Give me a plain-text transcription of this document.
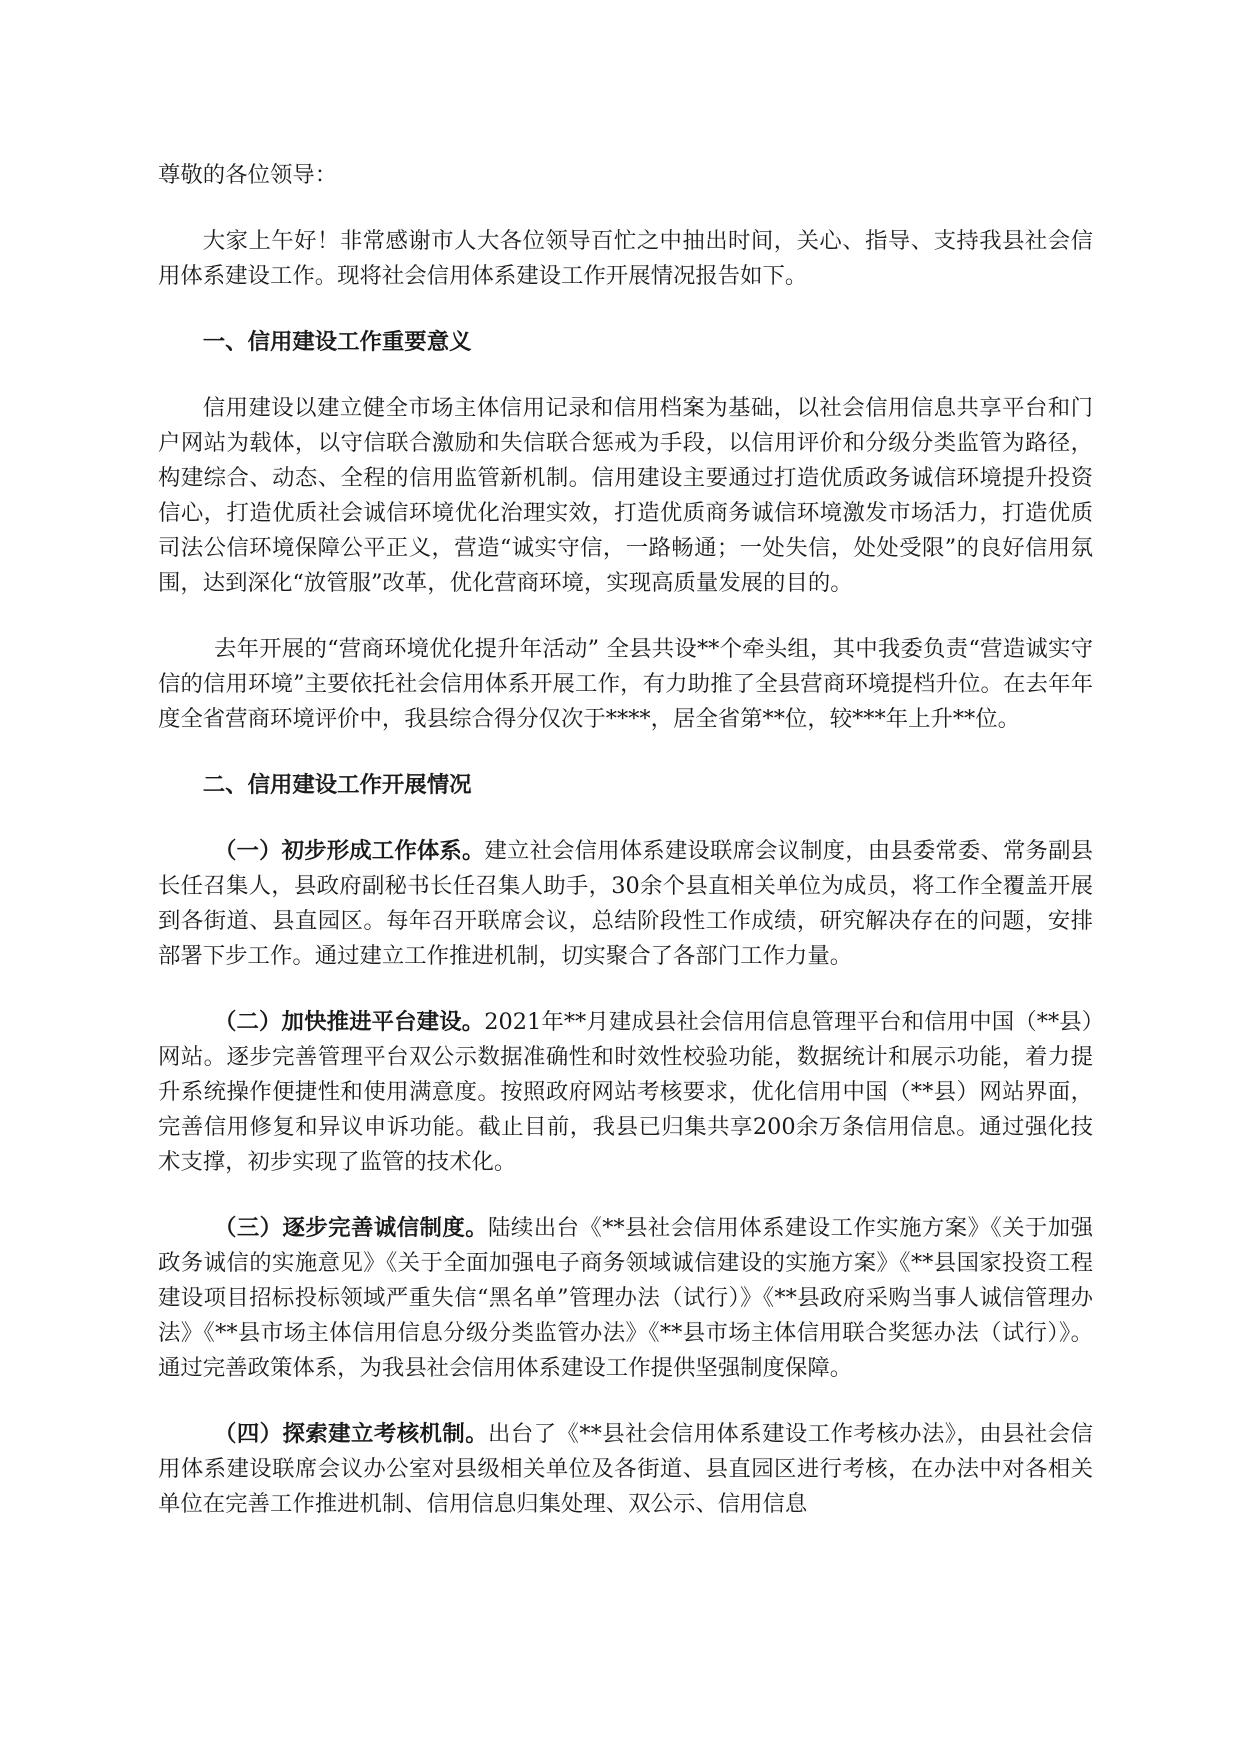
尊敬的各位领导：

大家上午好！非常感谢市人大各位领导百忙之中抽出时间，关心、指导、支持我县社会信用体系建设工作。现将社会信用体系建设工作开展情况报告如下。

一、信用建设工作重要意义

信用建设以建立健全市场主体信用记录和信用档案为基础，以社会信用信息共享平台和门户网站为载体，以守信联合激励和失信联合惩戒为手段，以信用评价和分级分类监管为路径，构建综合、动态、全程的信用监管新机制。信用建设主要通过打造优质政务诚信环境提升投资信心，打造优质社会诚信环境优化治理实效，打造优质商务诚信环境激发市场活力，打造优质司法公信环境保障公平正义，营造“诚实守信，一路畅通；一处失信，处处受限”的良好信用氛围，达到深化“放管服”改革，优化营商环境，实现高质量发展的目的。

去年开展的“营商环境优化提升年活动” 全县共设**个牵头组，其中我委负责“营造诚实守信的信用环境”主要依托社会信用体系开展工作，有力助推了全县营商环境提档升位。在去年年度全省营商环境评价中，我县综合得分仅次于****，居全省第**位，较***年上升**位。

二、信用建设工作开展情况

（一）初步形成工作体系。建立社会信用体系建设联席会议制度，由县委常委、常务副县长任召集人，县政府副秘书长任召集人助手，30余个县直相关单位为成员，将工作全覆盖开展到各街道、县直园区。每年召开联席会议，总结阶段性工作成绩，研究解决存在的问题，安排部署下步工作。通过建立工作推进机制，切实聚合了各部门工作力量。

（二）加快推进平台建设。2021年**月建成县社会信用信息管理平台和信用中国（**县）网站。逐步完善管理平台双公示数据准确性和时效性校验功能，数据统计和展示功能，着力提升系统操作便捷性和使用满意度。按照政府网站考核要求，优化信用中国（**县）网站界面，完善信用修复和异议申诉功能。截止目前，我县已归集共享200余万条信用信息。通过强化技术支撑，初步实现了监管的技术化。

（三）逐步完善诚信制度。陆续出台《**县社会信用体系建设工作实施方案》《关于加强政务诚信的实施意见》《关于全面加强电子商务领域诚信建设的实施方案》《**县国家投资工程建设项目招标投标领域严重失信“黑名单”管理办法（试行）》《**县政府采购当事人诚信管理办法》《**县市场主体信用信息分级分类监管办法》《**县市场主体信用联合奖惩办法（试行）》。通过完善政策体系，为我县社会信用体系建设工作提供坚强制度保障。

（四）探索建立考核机制。出台了《**县社会信用体系建设工作考核办法》，由县社会信用体系建设联席会议办公室对县级相关单位及各街道、县直园区进行考核，在办法中对各相关单位在完善工作推进机制、信用信息归集处理、双公示、信用信息
